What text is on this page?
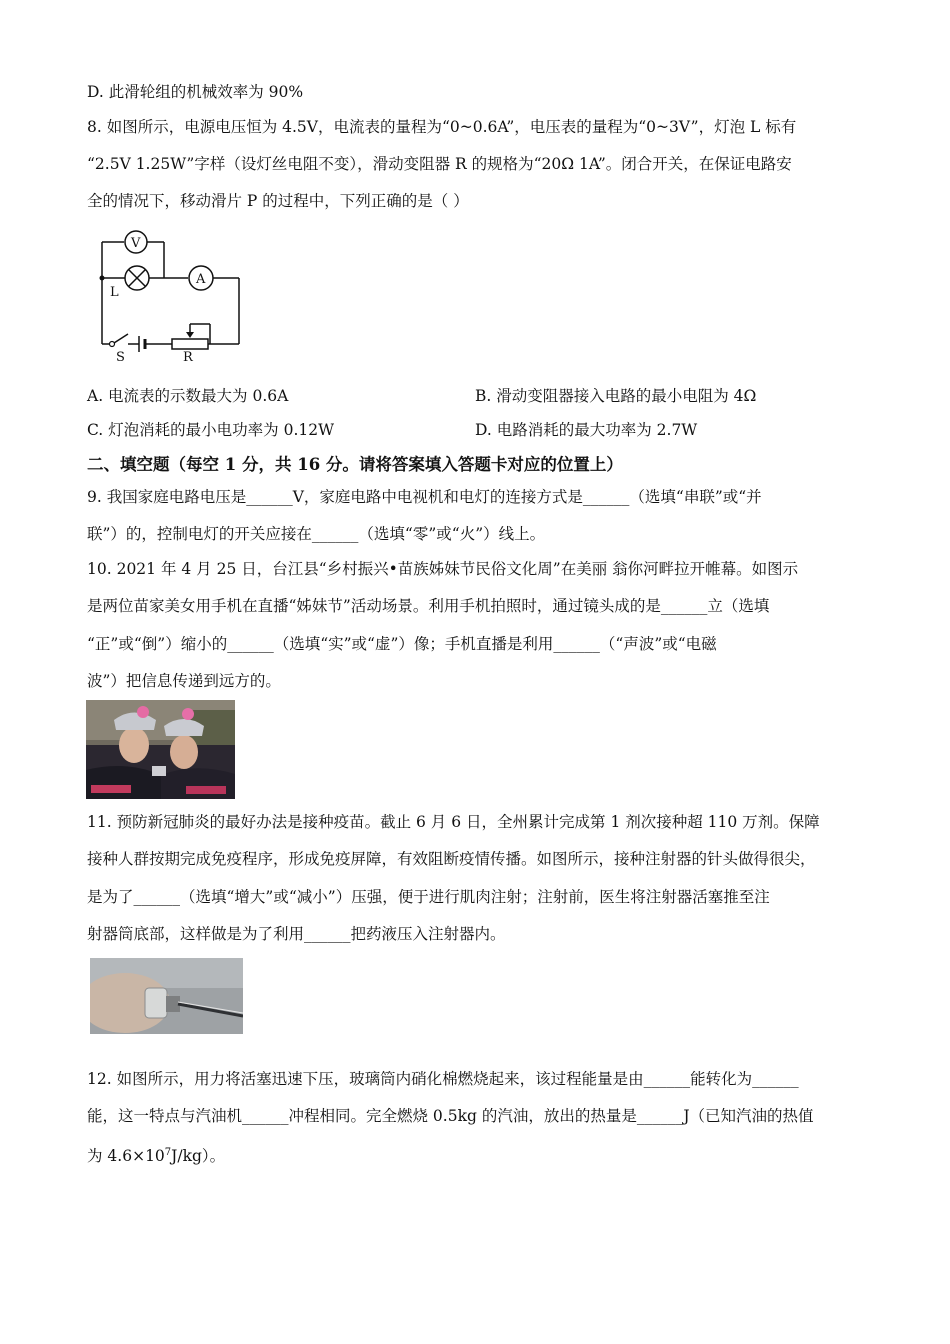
D. 此滑轮组的机械效率为 90%
8. 如图所示，电源电压恒为 4.5V，电流表的量程为“0~0.6A”，电压表的量程为“0~3V”，灯泡 L 标有
“2.5V 1.25W”字样（设灯丝电阻不变），滑动变阻器 R 的规格为“20Ω 1A”。闭合开关，在保证电路安
全的情况下，移动滑片 P 的过程中，下列正确的是（ ）
V
A
L
S	R
A. 电流表的示数最大为 0.6A	B. 滑动变阻器接入电路的最小电阻为 4Ω
C. 灯泡消耗的最小电功率为 0.12W	D. 电路消耗的最大功率为 2.7W
二、填空题（每空 1 分，共 16 分。请将答案填入答题卡对应的位置上）
9. 我国家庭电路电压是______V，家庭电路中电视机和电灯的连接方式是______（选填“串联”或“并
联”）的，控制电灯的开关应接在______（选填“零”或“火”）线上。
10. 2021 年 4 月 25 日，台江县“乡村振兴•苗族姊妹节民俗文化周”在美丽 翁你河畔拉开帷幕。如图示
是两位苗家美女用手机在直播“姊妹节”活动场景。利用手机拍照时，通过镜头成的是______立（选填
“正”或“倒”）缩小的______（选填“实”或“虚”）像；手机直播是利用______（“声波”或“电磁
波”）把信息传递到远方的。
11. 预防新冠肺炎的最好办法是接种疫苗。截止 6 月 6 日，全州累计完成第 1 剂次接种超 110 万剂。保障
接种人群按期完成免疫程序，形成免疫屏障，有效阻断疫情传播。如图所示，接种注射器的针头做得很尖，
是为了______（选填“增大”或“减小”）压强，便于进行肌肉注射；注射前，医生将注射器活塞推至注
射器筒底部，这样做是为了利用______把药液压入注射器内。
12. 如图所示，用力将活塞迅速下压，玻璃筒内硝化棉燃烧起来，该过程能量是由______能转化为______
能，这一特点与汽油机______冲程相同。完全燃烧 0.5kg 的汽油，放出的热量是______J（已知汽油的热值
为 $4.6\times 10^7J/kg$）。
